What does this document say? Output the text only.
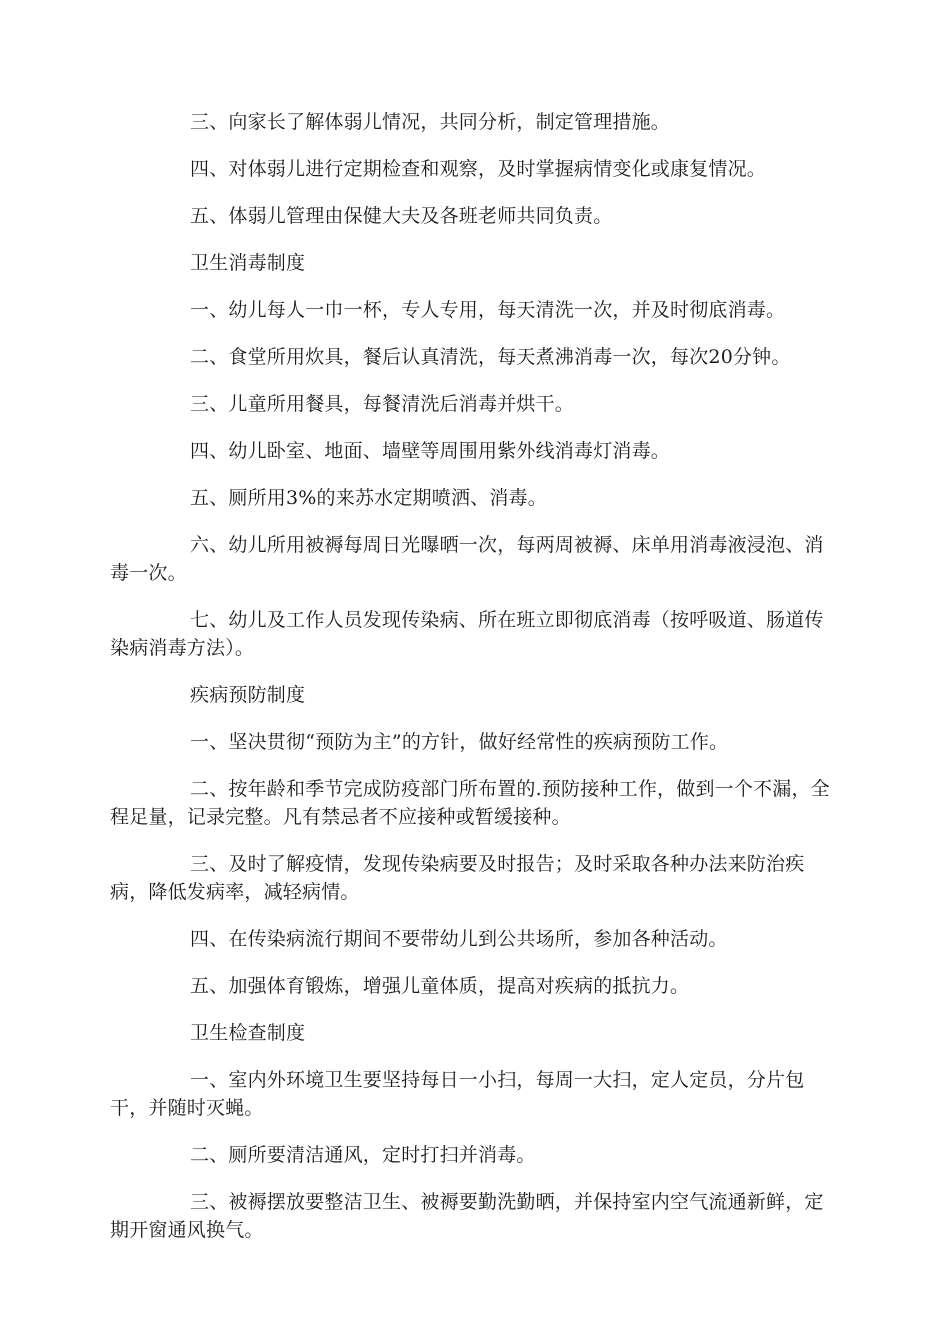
三、向家长了解体弱儿情况，共同分析，制定管理措施。

四、对体弱儿进行定期检查和观察，及时掌握病情变化或康复情况。

五、体弱儿管理由保健大夫及各班老师共同负责。

卫生消毒制度

一、幼儿每人一巾一杯，专人专用，每天清洗一次，并及时彻底消毒。

二、食堂所用炊具，餐后认真清洗，每天煮沸消毒一次，每次20分钟。

三、儿童所用餐具，每餐清洗后消毒并烘干。

四、幼儿卧室、地面、墙壁等周围用紫外线消毒灯消毒。

五、厕所用3%的来苏水定期喷洒、消毒。

六、幼儿所用被褥每周日光曝晒一次，每两周被褥、床单用消毒液浸泡、消毒一次。

七、幼儿及工作人员发现传染病、所在班立即彻底消毒（按呼吸道、肠道传染病消毒方法）。

疾病预防制度

一、坚决贯彻“预防为主”的方针，做好经常性的疾病预防工作。

二、按年龄和季节完成防疫部门所布置的.预防接种工作，做到一个不漏，全程足量，记录完整。凡有禁忌者不应接种或暂缓接种。

三、及时了解疫情，发现传染病要及时报告；及时采取各种办法来防治疾病，降低发病率，减轻病情。

四、在传染病流行期间不要带幼儿到公共场所，参加各种活动。

五、加强体育锻炼，增强儿童体质，提高对疾病的抵抗力。

卫生检查制度

一、室内外环境卫生要坚持每日一小扫，每周一大扫，定人定员，分片包干，并随时灭蝇。

二、厕所要清洁通风，定时打扫并消毒。

三、被褥摆放要整洁卫生、被褥要勤洗勤晒，并保持室内空气流通新鲜，定期开窗通风换气。
